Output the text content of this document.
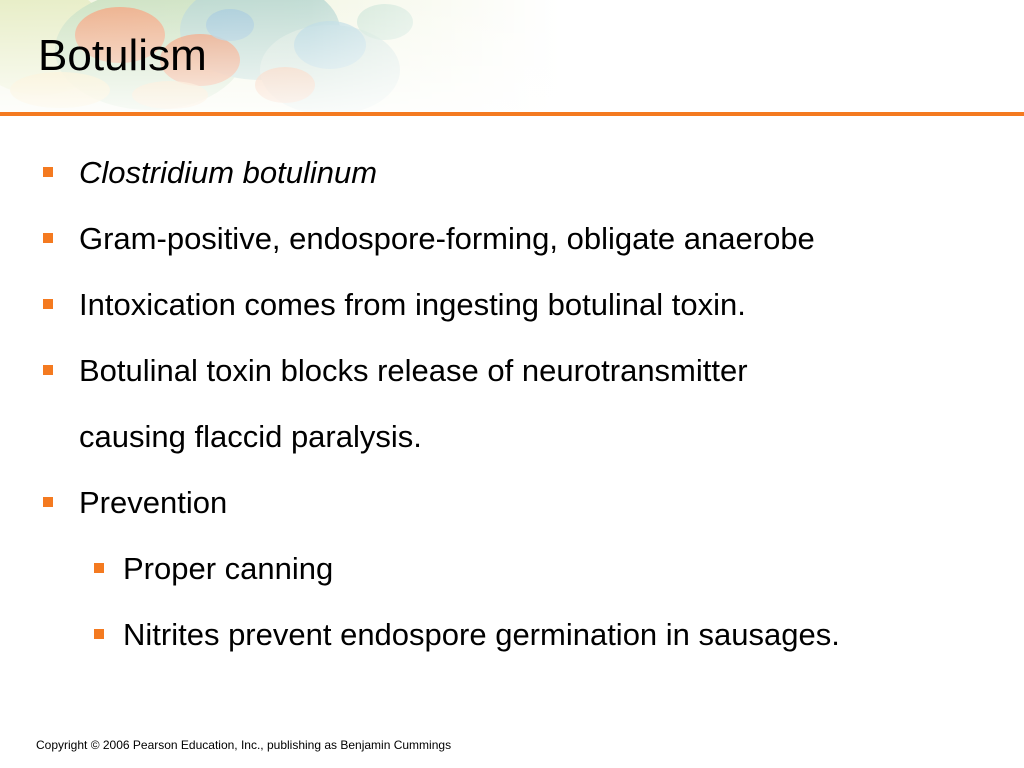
Botulism
Clostridium botulinum
Gram-positive, endospore-forming, obligate anaerobe
Intoxication comes from ingesting botulinal toxin.
Botulinal toxin blocks release of neurotransmitter
causing flaccid paralysis.
Prevention
Proper canning
Nitrites prevent endospore germination in sausages.
Copyright © 2006 Pearson Education, Inc., publishing as Benjamin Cummings
